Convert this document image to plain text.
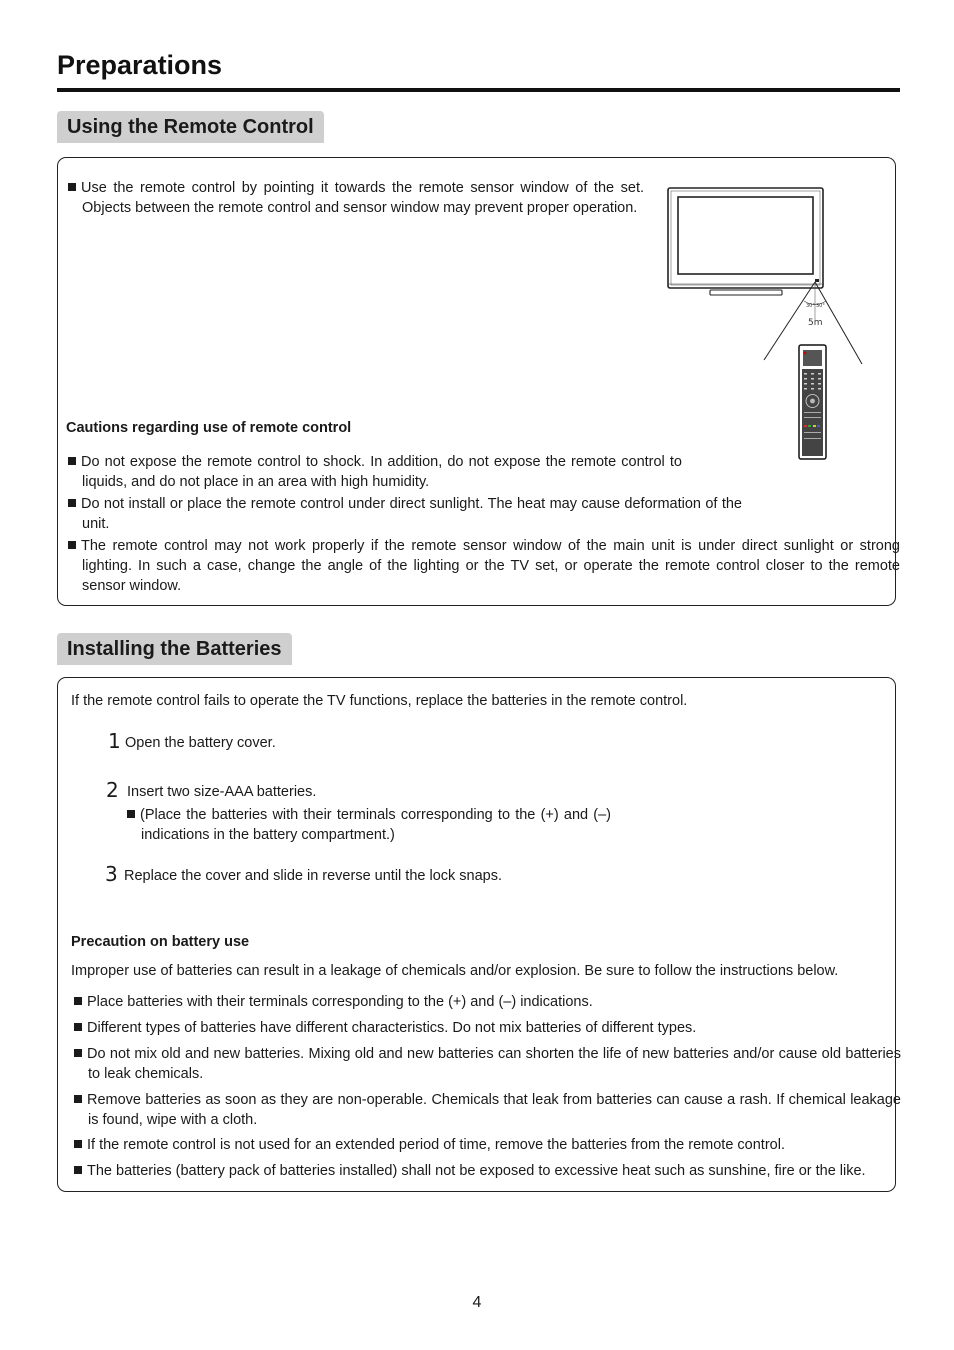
Preparations
Using the Remote Control

Use the remote control by pointing it towards the remote sensor window of the set. Objects between the remote control and sensor window may prevent proper operation.

30° 30°
5m

Cautions regarding use of remote control

Do not expose the remote control to shock. In addition, do not expose the remote control to liquids, and do not place in an area with high humidity.

Do not install or place the remote control under direct sunlight. The heat may cause deformation of the unit.

The remote control may not work properly if the remote sensor window of the main unit is under direct sunlight or strong lighting. In such a case, change the angle of the lighting or the TV set, or operate the remote control closer to the remote sensor window.

Installing the Batteries

If the remote control fails to operate the TV functions, replace the batteries in the remote control.

1 Open the battery cover.

2 Insert two size-AAA batteries.

(Place the batteries with their terminals corresponding to the (+) and (–) indications in the battery compartment.)

3 Replace the cover and slide in reverse until the lock snaps.

Precaution on battery use

Improper use of batteries can result in a leakage of chemicals and/or explosion. Be sure to follow the instructions below.

Place batteries with their terminals corresponding to the (+) and (–) indications.

Different types of batteries have different characteristics. Do not mix batteries of different types.

Do not mix old and new batteries. Mixing old and new batteries can shorten the life of new batteries and/or cause old batteries to leak chemicals.

Remove batteries as soon as they are non-operable. Chemicals that leak from batteries can cause a rash. If chemical leakage is found, wipe with a cloth.

If the remote control is not used for an extended period of time, remove the batteries from the remote control.

The batteries (battery pack of batteries installed) shall not be exposed to excessive heat such as sunshine, fire or the like.

4
